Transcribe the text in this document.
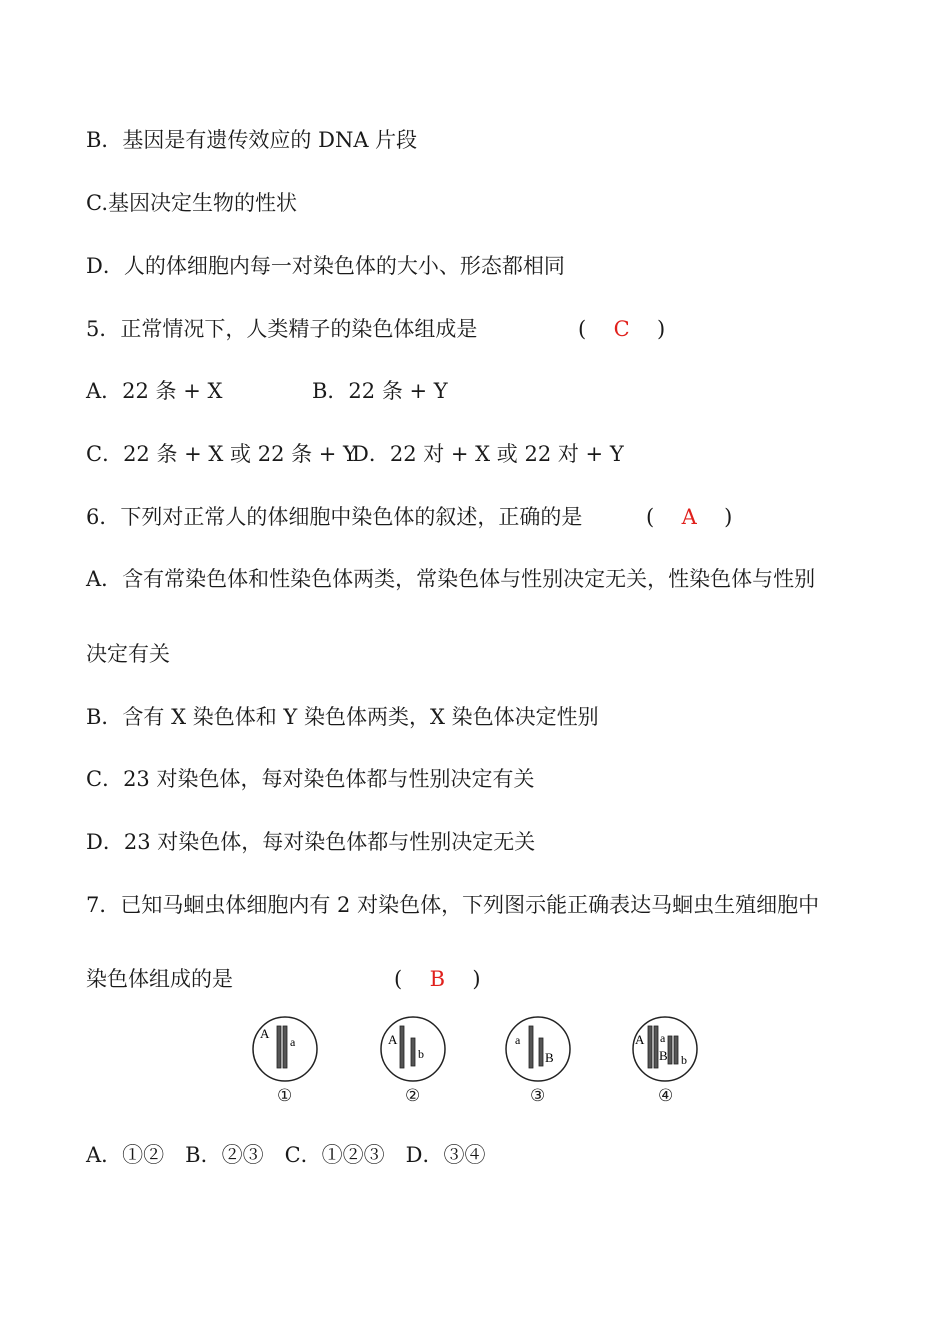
B．基因是有遗传效应的 DNA 片段
C.基因决定生物的性状
D．人的体细胞内每一对染色体的大小、形态都相同
5．正常情况下，人类精子的染色体组成是	( C )
A．22 条 + X	B．22 条 + Y
C．22 条 + X 或 22 条 + Y
D．22 对 + X 或 22 对 + Y
6．下列对正常人的体细胞中染色体的叙述，正确的是	( A )
A．含有常染色体和性染色体两类，常染色体与性别决定无关，性染色体与性别
决定有关
B．含有 X 染色体和 Y 染色体两类，X 染色体决定性别
C．23 对染色体，每对染色体都与性别决定有关
D．23 对染色体，每对染色体都与性别决定无关
7．已知马蛔虫体细胞内有 2 对染色体，下列图示能正确表达马蛔虫生殖细胞中
染色体组成的是	( B )
A
a
①
A
b
②
a
B
③
A a
B b
④
A．①②　B．②③　C．①②③　D．③④
